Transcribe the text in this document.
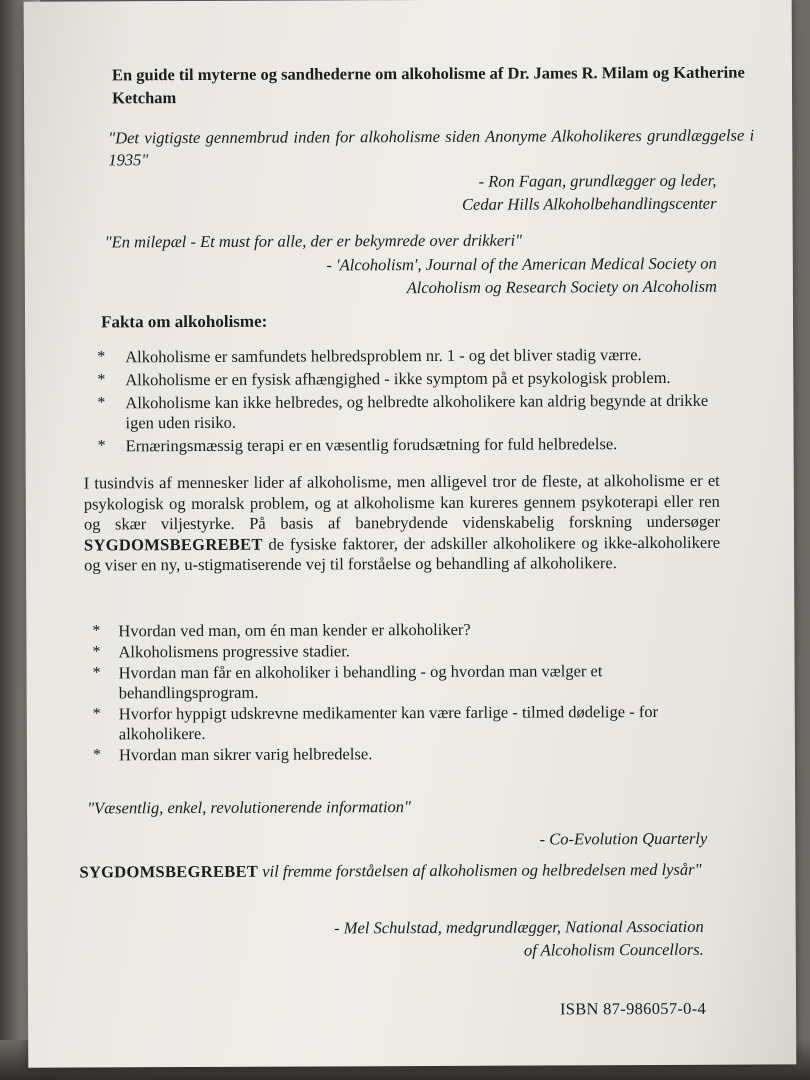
En guide til myterne og sandhederne om alkoholisme af Dr. James R. Milam og Katherine Ketcham
"Det vigtigste gennembrud inden for alkoholisme siden Anonyme Alkoholikeres grundlæggelse i 1935"
- Ron Fagan, grundlægger og leder,
Cedar Hills Alkoholbehandlingscenter
"En milepæl - Et must for alle, der er bekymrede over drikkeri"
- 'Alcoholism', Journal of the American Medical Society on
Alcoholism og Research Society on Alcoholism
Fakta om alkoholisme:
* Alkoholisme er samfundets helbredsproblem nr. 1 - og det bliver stadig værre.
* Alkoholisme er en fysisk afhængighed - ikke symptom på et psykologisk problem.
* Alkoholisme kan ikke helbredes, og helbredte alkoholikere kan aldrig begynde at drikke igen uden risiko.
* Ernæringsmæssig terapi er en væsentlig forudsætning for fuld helbredelse.
I tusindvis af mennesker lider af alkoholisme, men alligevel tror de fleste, at alkoholisme er et psykologisk og moralsk problem, og at alkoholisme kan kureres gennem psykoterapi eller ren og skær viljestyrke. På basis af banebrydende videnskabelig forskning undersøger SYGDOMSBEGREBET de fysiske faktorer, der adskiller alkoholikere og ikke-alkoholikere og viser en ny, u-stigmatiserende vej til forståelse og behandling af alkoholikere.
* Hvordan ved man, om én man kender er alkoholiker?
* Alkoholismens progressive stadier.
* Hvordan man får en alkoholiker i behandling - og hvordan man vælger et behandlingsprogram.
* Hvorfor hyppigt udskrevne medikamenter kan være farlige - tilmed dødelige - for alkoholikere.
* Hvordan man sikrer varig helbredelse.
"Væsentlig, enkel, revolutionerende information"
- Co-Evolution Quarterly
SYGDOMSBEGREBET vil fremme forståelsen af alkoholismen og helbredelsen med lysår"
- Mel Schulstad, medgrundlægger, National Association
of Alcoholism Councellors.
ISBN 87-986057-0-4
